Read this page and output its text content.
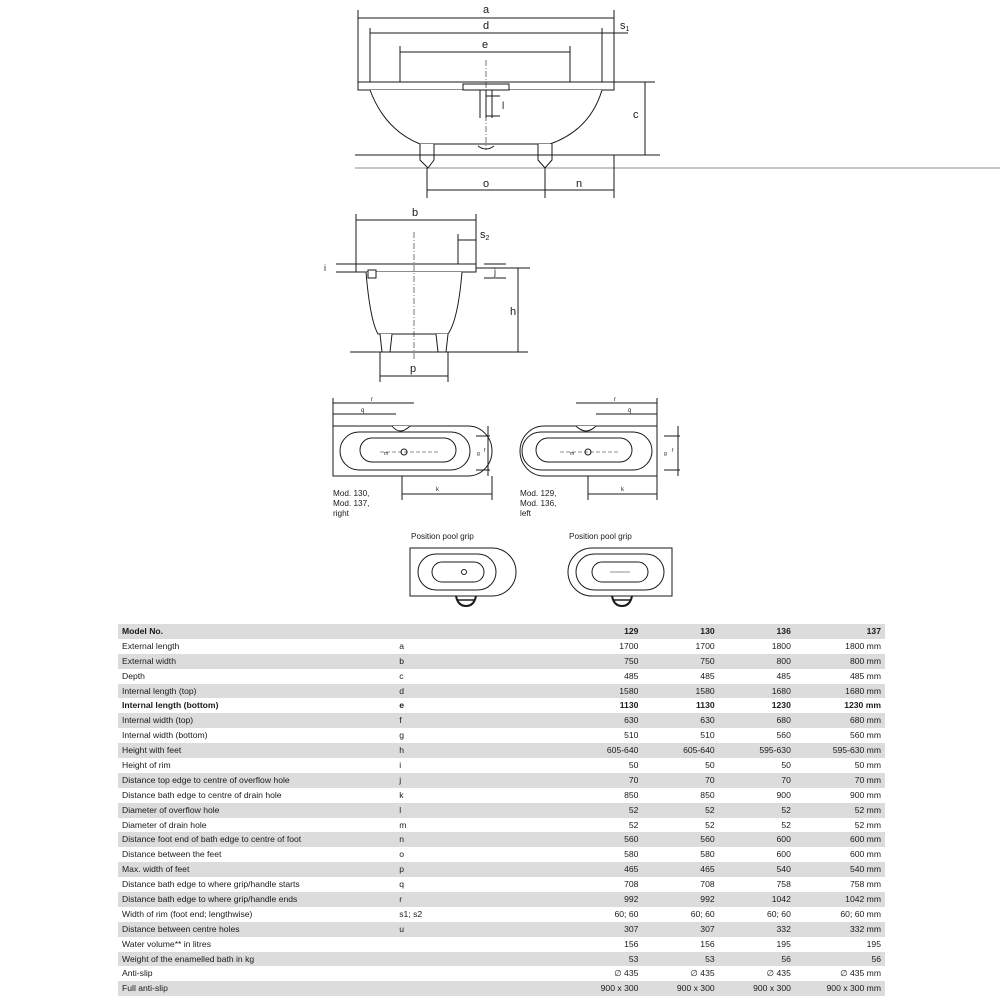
a
d	s1
e
l
c
o	n
b
s2
i	j
h
p
r
q
k
m	g f
r
q
k
m	g f
Mod. 130,
Mod. 137,
right
Mod. 129,
Mod. 136,
left
Position pool grip	Position pool grip
Model No.		129	130	136	137
External length	a	1700	1700	1800	1800 mm
External width	b	750	750	800	800 mm
Depth	c	485	485	485	485 mm
Internal length (top)	d	1580	1580	1680	1680 mm
Internal length (bottom)	e	1130	1130	1230	1230 mm
Internal width (top)	f	630	630	680	680 mm
Internal width (bottom)	g	510	510	560	560 mm
Height with feet	h	605-640	605-640	595-630	595-630 mm
Height of rim	i	50	50	50	50 mm
Distance top edge to centre of overflow hole	j	70	70	70	70 mm
Distance bath edge to centre of drain hole	k	850	850	900	900 mm
Diameter of overflow hole	l	52	52	52	52 mm
Diameter of drain hole	m	52	52	52	52 mm
Distance foot end of bath edge to centre of foot	n	560	560	600	600 mm
Distance between the feet	o	580	580	600	600 mm
Max. width of feet	p	465	465	540	540 mm
Distance bath edge to where grip/handle starts	q	708	708	758	758 mm
Distance bath edge to where grip/handle ends	r	992	992	1042	1042 mm
Width of rim (foot end; lengthwise)	s1; s2	60; 60	60; 60	60; 60	60; 60 mm
Distance between centre holes	u	307	307	332	332 mm
Water volume** in litres		156	156	195	195
Weight of the enamelled bath in kg		53	53	56	56
Anti-slip		∅ 435	∅ 435	∅ 435	∅ 435 mm
Full anti-slip		900 x 300	900 x 300	900 x 300	900 x 300 mm
